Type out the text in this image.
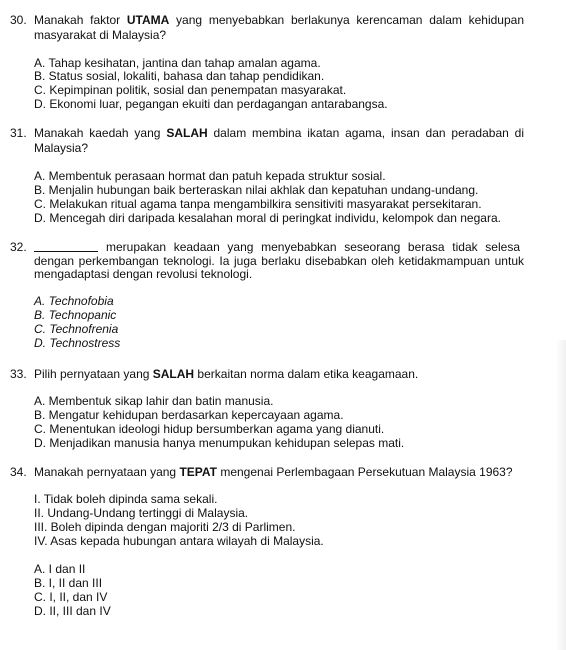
30. Manakah faktor UTAMA yang menyebabkan berlakunya kerencaman dalam kehidupan
masyarakat di Malaysia?
A. Tahap kesihatan, jantina dan tahap amalan agama.
B. Status sosial, lokaliti, bahasa dan tahap pendidikan.
C. Kepimpinan politik, sosial dan penempatan masyarakat.
D. Ekonomi luar, pegangan ekuiti dan perdagangan antarabangsa.
31. Manakah kaedah yang SALAH dalam membina ikatan agama, insan dan peradaban di
Malaysia?
A. Membentuk perasaan hormat dan patuh kepada struktur sosial.
B. Menjalin hubungan baik berteraskan nilai akhlak dan kepatuhan undang-undang.
C. Melakukan ritual agama tanpa mengambilkira sensitiviti masyarakat persekitaran.
D. Mencegah diri daripada kesalahan moral di peringkat individu, kelompok dan negara.
32.	merupakan keadaan yang menyebabkan seseorang berasa tidak selesa
dengan perkembangan teknologi. Ia juga berlaku disebabkan oleh ketidakmampuan untuk
mengadaptasi dengan revolusi teknologi.
A. Technofobia
B. Technopanic
C. Technofrenia
D. Technostress
33. Pilih pernyataan yang SALAH berkaitan norma dalam etika keagamaan.
A. Membentuk sikap lahir dan batin manusia.
B. Mengatur kehidupan berdasarkan kepercayaan agama.
C. Menentukan ideologi hidup bersumberkan agama yang dianuti.
D. Menjadikan manusia hanya menumpukan kehidupan selepas mati.
34. Manakah pernyataan yang TEPAT mengenai Perlembagaan Persekutuan Malaysia 1963?
I. Tidak boleh dipinda sama sekali.
II. Undang-Undang tertinggi di Malaysia.
III. Boleh dipinda dengan majoriti 2/3 di Parlimen.
IV. Asas kepada hubungan antara wilayah di Malaysia.
A. I dan II
B. I, II dan III
C. I, II, dan IV
D. II, III dan IV
